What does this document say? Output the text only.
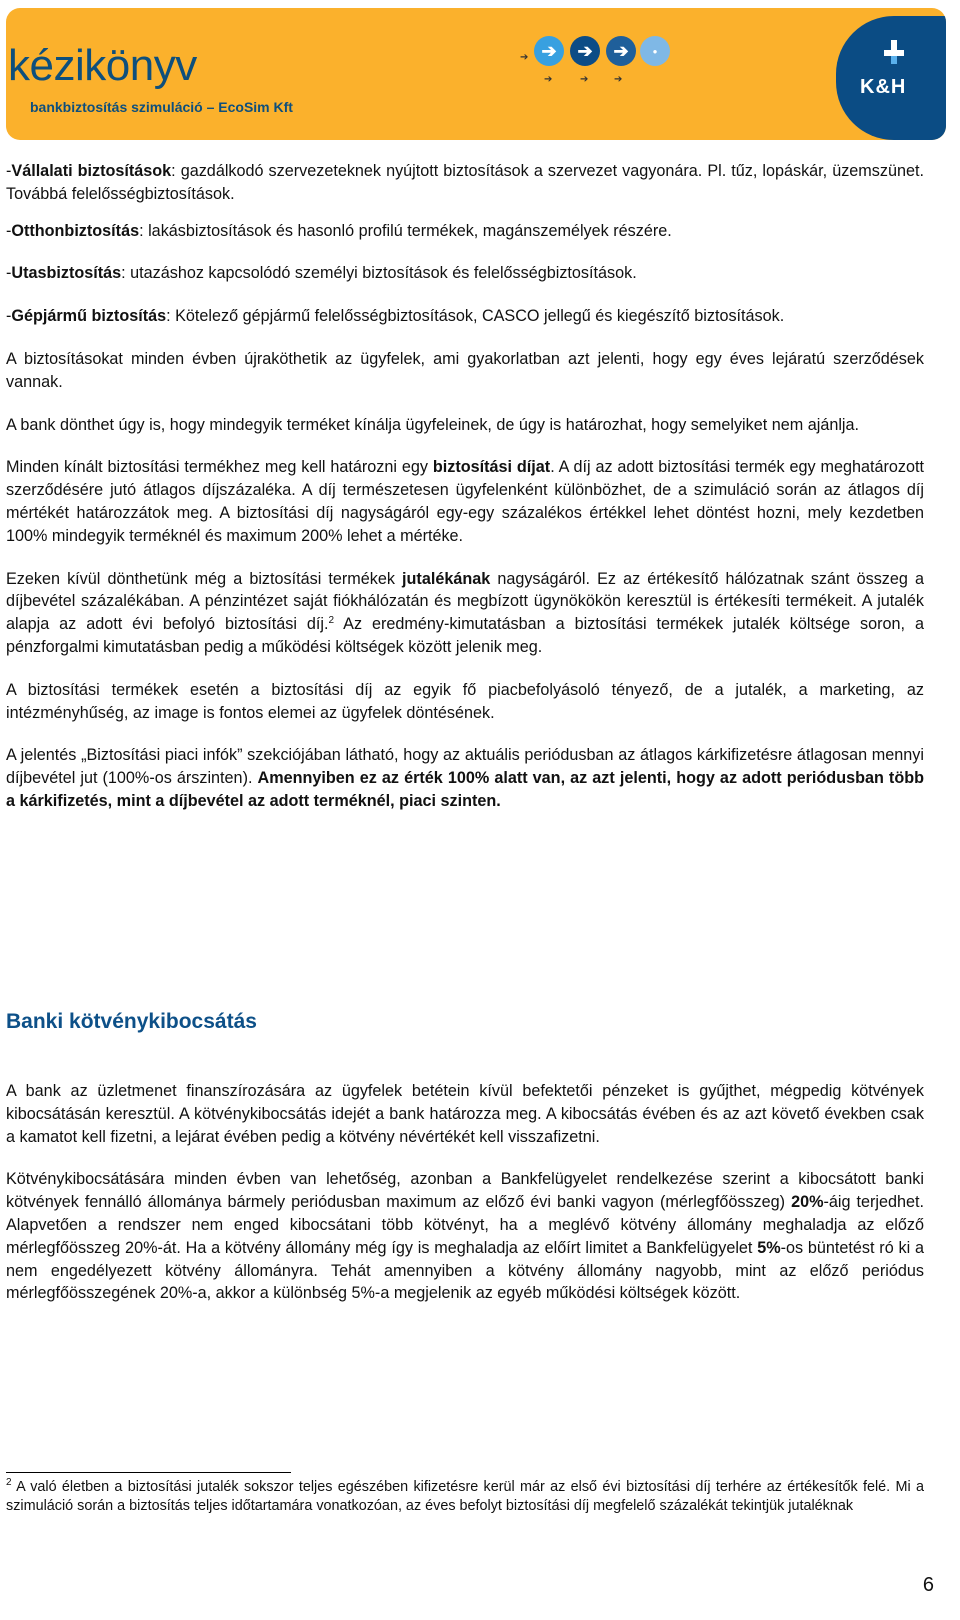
kézikönyv
bankbiztosítás szimuláció – EcoSim Kft
➔ ➔
➔
➔
➔
➔
➔
●
K&H

-Vállalati biztosítások: gazdálkodó szervezeteknek nyújtott biztosítások a szervezet vagyonára. Pl. tűz, lopáskár, üzemszünet. Továbbá felelősségbiztosítások.

-Otthonbiztosítás: lakásbiztosítások és hasonló profilú termékek, magánszemélyek részére.

-Utasbiztosítás: utazáshoz kapcsolódó személyi biztosítások és felelősségbiztosítások.

-Gépjármű biztosítás: Kötelező gépjármű felelősségbiztosítások, CASCO jellegű és kiegészítő biztosítások.

A biztosításokat minden évben újraköthetik az ügyfelek, ami gyakorlatban azt jelenti, hogy egy éves lejáratú szerződések vannak.

A bank dönthet úgy is, hogy mindegyik terméket kínálja ügyfeleinek, de úgy is határozhat, hogy semelyiket nem ajánlja.

Minden kínált biztosítási termékhez meg kell határozni egy biztosítási díjat. A díj az adott biztosítási termék egy meghatározott szerződésére jutó átlagos díjszázaléka. A díj természetesen ügyfelenként különbözhet, de a szimuláció során az átlagos díj mértékét határozzátok meg. A biztosítási díj nagyságáról egy-egy százalékos értékkel lehet döntést hozni, mely kezdetben 100% mindegyik terméknél és maximum 200% lehet a mértéke.

Ezeken kívül dönthetünk még a biztosítási termékek jutalékának nagyságáról. Ez az értékesítő hálózatnak szánt összeg a díjbevétel százalékában. A pénzintézet saját fiókhálózatán és megbízott ügynökökön keresztül is értékesíti termékeit. A jutalék alapja az adott évi befolyó biztosítási díj.$^2$ Az eredmény-kimutatásban a biztosítási termékek jutalék költsége soron, a pénzforgalmi kimutatásban pedig a működési költségek között jelenik meg.

A biztosítási termékek esetén a biztosítási díj az egyik fő piacbefolyásoló tényező, de a jutalék, a marketing, az intézményhűség, az image is fontos elemei az ügyfelek döntésének.

A jelentés „Biztosítási piaci infók” szekciójában látható, hogy az aktuális periódusban az átlagos kárkifizetésre átlagosan mennyi díjbevétel jut (100%-os árszinten). Amennyiben ez az érték 100% alatt van, az azt jelenti, hogy az adott periódusban több a kárkifizetés, mint a díjbevétel az adott terméknél, piaci szinten.

Banki kötvénykibocsátás

A bank az üzletmenet finanszírozására az ügyfelek betétein kívül befektetői pénzeket is gyűjthet, mégpedig kötvények kibocsátásán keresztül. A kötvénykibocsátás idejét a bank határozza meg. A kibocsátás évében és az azt követő években csak a kamatot kell fizetni, a lejárat évében pedig a kötvény névértékét kell visszafizetni.

Kötvénykibocsátására minden évben van lehetőség, azonban a Bankfelügyelet rendelkezése szerint a kibocsátott banki kötvények fennálló állománya bármely periódusban maximum az előző évi banki vagyon (mérlegfőösszeg) 20%-áig terjedhet. Alapvetően a rendszer nem enged kibocsátani több kötvényt, ha a meglévő kötvény állomány meghaladja az előző mérlegfőösszeg 20%-át. Ha a kötvény állomány még így is meghaladja az előírt limitet a Bankfelügyelet 5%-os büntetést ró ki a nem engedélyezett kötvény állományra. Tehát amennyiben a kötvény állomány nagyobb, mint az előző periódus mérlegfőösszegének 20%-a, akkor a különbség 5%-a megjelenik az egyéb működési költségek között.

$^2$ A való életben a biztosítási jutalék sokszor teljes egészében kifizetésre kerül már az első évi biztosítási díj terhére az értékesítők felé. Mi a szimuláció során a biztosítás teljes időtartamára vonatkozóan, az éves befolyt biztosítási díj megfelelő százalékát tekintjük jutaléknak
6
